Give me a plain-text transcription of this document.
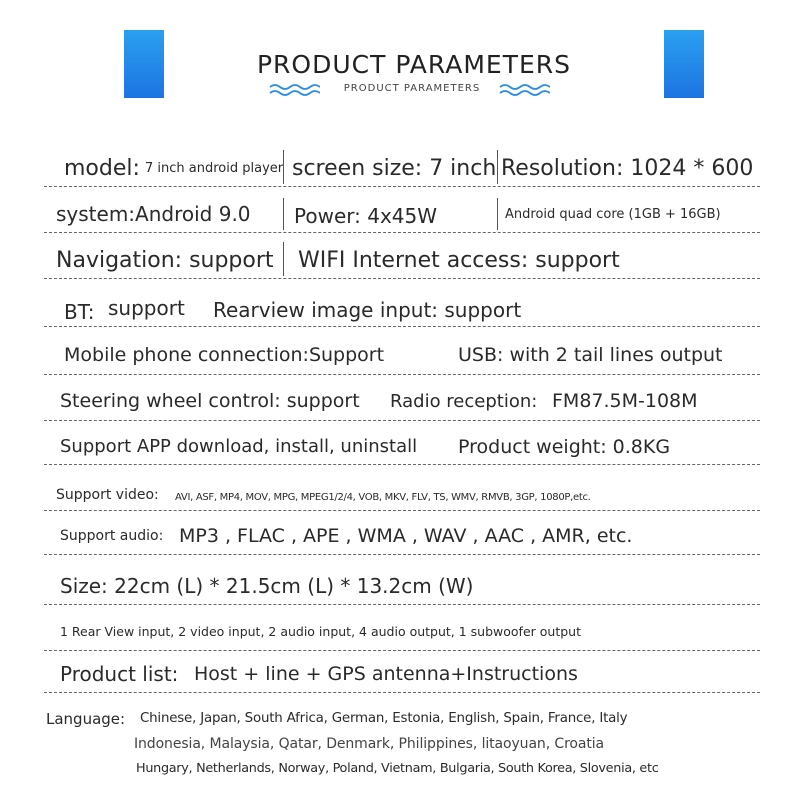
PRODUCT PARAMETERS
PRODUCT PARAMETERS
model: 7 inch android player screen size: 7 inch Resolution: 1024 * 600
system:Android 9.0 Power: 4x45W	Android quad core (1GB + 16GB)
Navigation: support WIFI Internet access: support
BT: support Rearview image input: support
Mobile phone connection:Support	USB: with 2 tail lines output
Steering wheel control: support Radio reception: FM87.5M-108M
Support APP download, install, uninstall Product weight: 0.8KG
Support video: AVI, ASF, MP4, MOV, MPG, MPEG1/2/4, VOB, MKV, FLV, TS, WMV, RMVB, 3GP, 1080P,etc.
Support audio: MP3 , FLAC , APE , WMA , WAV , AAC , AMR, etc.
Size: 22cm (L) * 21.5cm (L) * 13.2cm (W)
1 Rear View input, 2 video input, 2 audio input, 4 audio output, 1 subwoofer output
Product list: Host + line + GPS antenna+Instructions
Language: Chinese, Japan, South Africa, German, Estonia, English, Spain, France, Italy
Indonesia, Malaysia, Qatar, Denmark, Philippines, litaoyuan, Croatia
Hungary, Netherlands, Norway, Poland, Vietnam, Bulgaria, South Korea, Slovenia, etc
